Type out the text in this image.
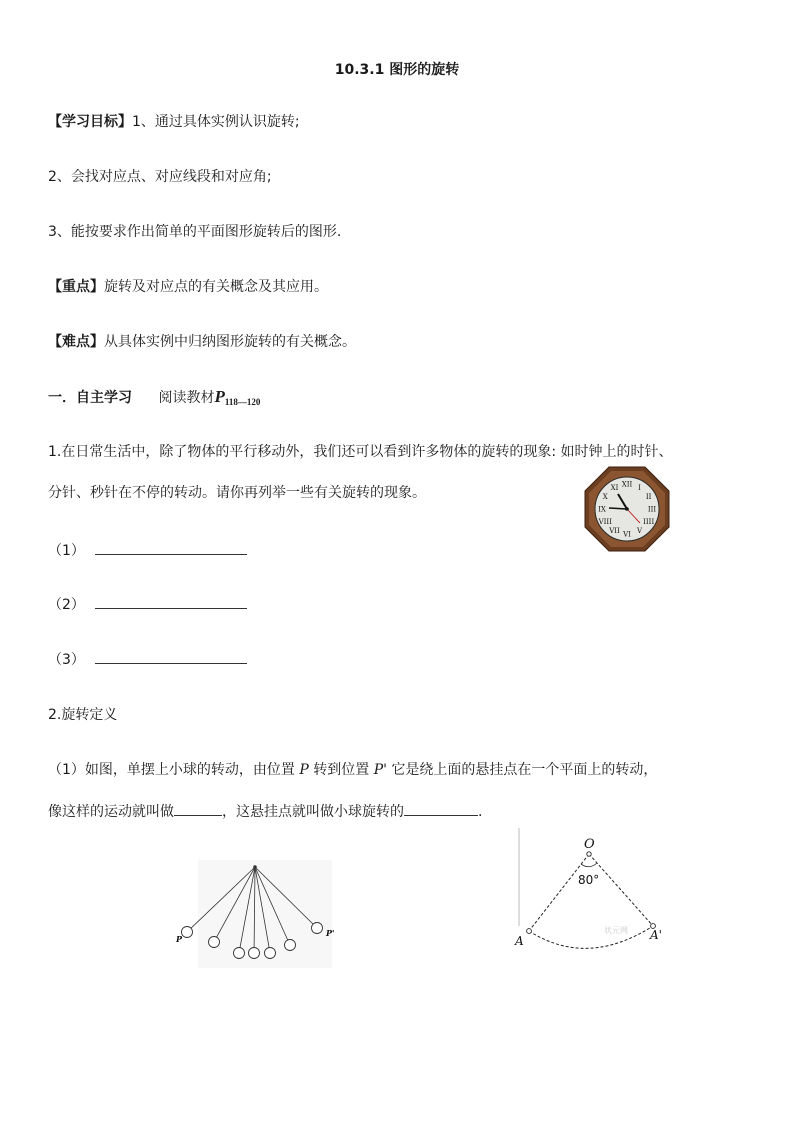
10.3.1 图形的旋转
【学习目标】1、通过具体实例认识旋转;
2、会找对应点、对应线段和对应角;
3、能按要求作出简单的平面图形旋转后的图形.
【重点】旋转及对应点的有关概念及其应用。
【难点】从具体实例中归纳图形旋转的有关概念。
一．自主学习 阅读教材$P_{118—120}$
1.在日常生活中，除了物体的平行移动外，我们还可以看到许多物体的旋转的现象: 如时钟上的时针、
分针、秒针在不停的转动。请你再列举一些有关旋转的现象。
（1）
（2）
（3）
XII I
II
III
IIII
V
VI
VII
VIII
IX
X
XI
2.旋转定义
（1）如图，单摆上小球的转动，由位置 P 转到位置 P' 它是绕上面的悬挂点在一个平面上的转动，
像这样的运动就叫做	，这悬挂点就叫做小球旋转的	.
P
P'
O
80°
A	A'
状元网
